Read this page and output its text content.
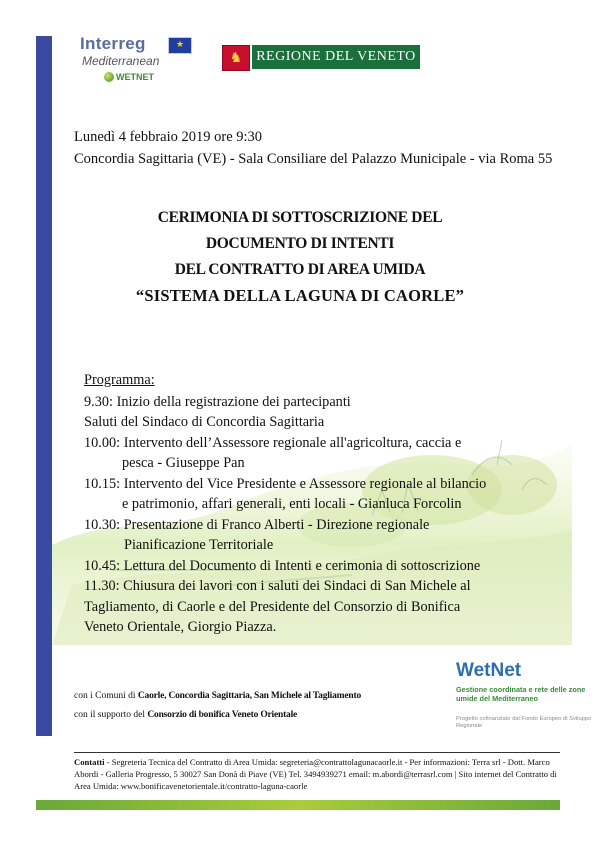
Interreg	★
Mediterranean
WETNET
♞ REGIONE DEL VENETO
Lunedì 4 febbraio 2019 ore 9:30
Concordia Sagittaria (VE) - Sala Consiliare del Palazzo Municipale - via Roma 55
CERIMONIA DI SOTTOSCRIZIONE DEL
DOCUMENTO DI INTENTI
DEL CONTRATTO DI AREA UMIDA
“SISTEMA DELLA LAGUNA DI CAORLE”
Programma:
9.30: Inizio della registrazione dei partecipanti
Saluti del Sindaco di Concordia Sagittaria
10.00: Intervento dell’Assessore regionale all'agricoltura, caccia e
pesca - Giuseppe Pan
10.15: Intervento del Vice Presidente e Assessore regionale al bilancio
e patrimonio, affari generali, enti locali - Gianluca Forcolin
10.30: Presentazione di Franco Alberti - Direzione regionale
Pianificazione Territoriale
10.45: Lettura del Documento di Intenti e cerimonia di sottoscrizione
11.30: Chiusura dei lavori con i saluti dei Sindaci di San Michele al
Tagliamento, di Caorle e del Presidente del Consorzio di Bonifica
Veneto Orientale, Giorgio Piazza.
con i Comuni di Caorle, Concordia Sagittaria, San Michele al Tagliamento
con il supporto del Consorzio di bonifica Veneto Orientale
WetNet
Gestione coordinata e rete delle zone umide del Mediterraneo
Progetto cofinanziato dal Fondo Europeo di Sviluppo Regionale
Contatti - Segreteria Tecnica del Contratto di Area Umida: segreteria@contrattolagunacaorle.it - Per informazioni: Terra srl - Dott. Marco Abordi - Galleria Progresso, 5 30027 San Donà di Piave (VE) Tel. 3494939271 email: m.abordi@terrasrl.com | Sito internet del Contratto di Area Umida: www.bonificavenetorientale.it/contratto-laguna-caorle
